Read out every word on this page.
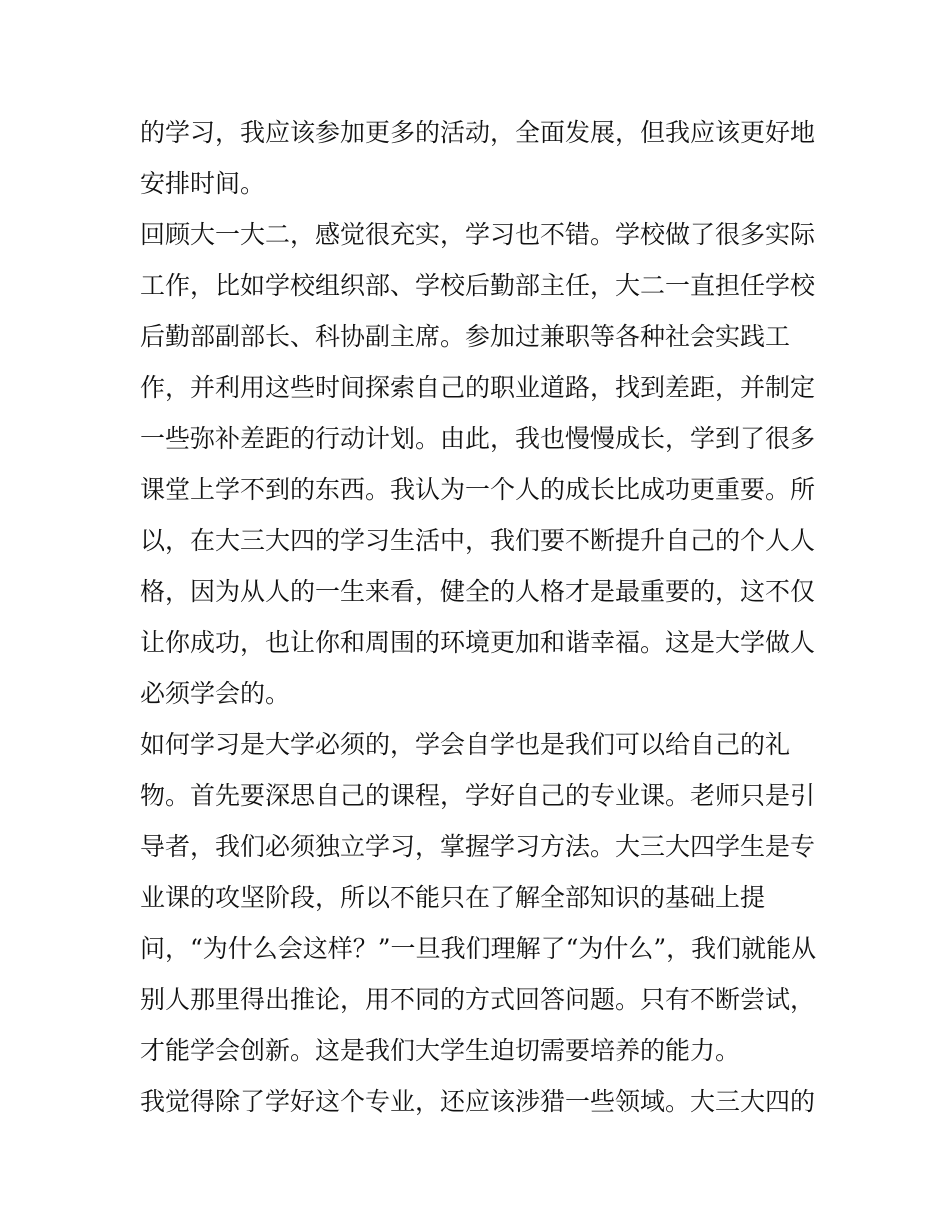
的学习，我应该参加更多的活动，全面发展，但我应该更好地
安排时间。
回顾大一大二，感觉很充实，学习也不错。学校做了很多实际
工作，比如学校组织部、学校后勤部主任，大二一直担任学校
后勤部副部长、科协副主席。参加过兼职等各种社会实践工
作，并利用这些时间探索自己的职业道路，找到差距，并制定
一些弥补差距的行动计划。由此，我也慢慢成长，学到了很多
课堂上学不到的东西。我认为一个人的成长比成功更重要。所
以，在大三大四的学习生活中，我们要不断提升自己的个人人
格，因为从人的一生来看，健全的人格才是最重要的，这不仅
让你成功，也让你和周围的环境更加和谐幸福。这是大学做人
必须学会的。
如何学习是大学必须的，学会自学也是我们可以给自己的礼
物。首先要深思自己的课程，学好自己的专业课。老师只是引
导者，我们必须独立学习，掌握学习方法。大三大四学生是专
业课的攻坚阶段，所以不能只在了解全部知识的基础上提
问，“为什么会这样？”一旦我们理解了“为什么”，我们就能从
别人那里得出推论，用不同的方式回答问题。只有不断尝试，
才能学会创新。这是我们大学生迫切需要培养的能力。
我觉得除了学好这个专业，还应该涉猎一些领域。大三大四的
